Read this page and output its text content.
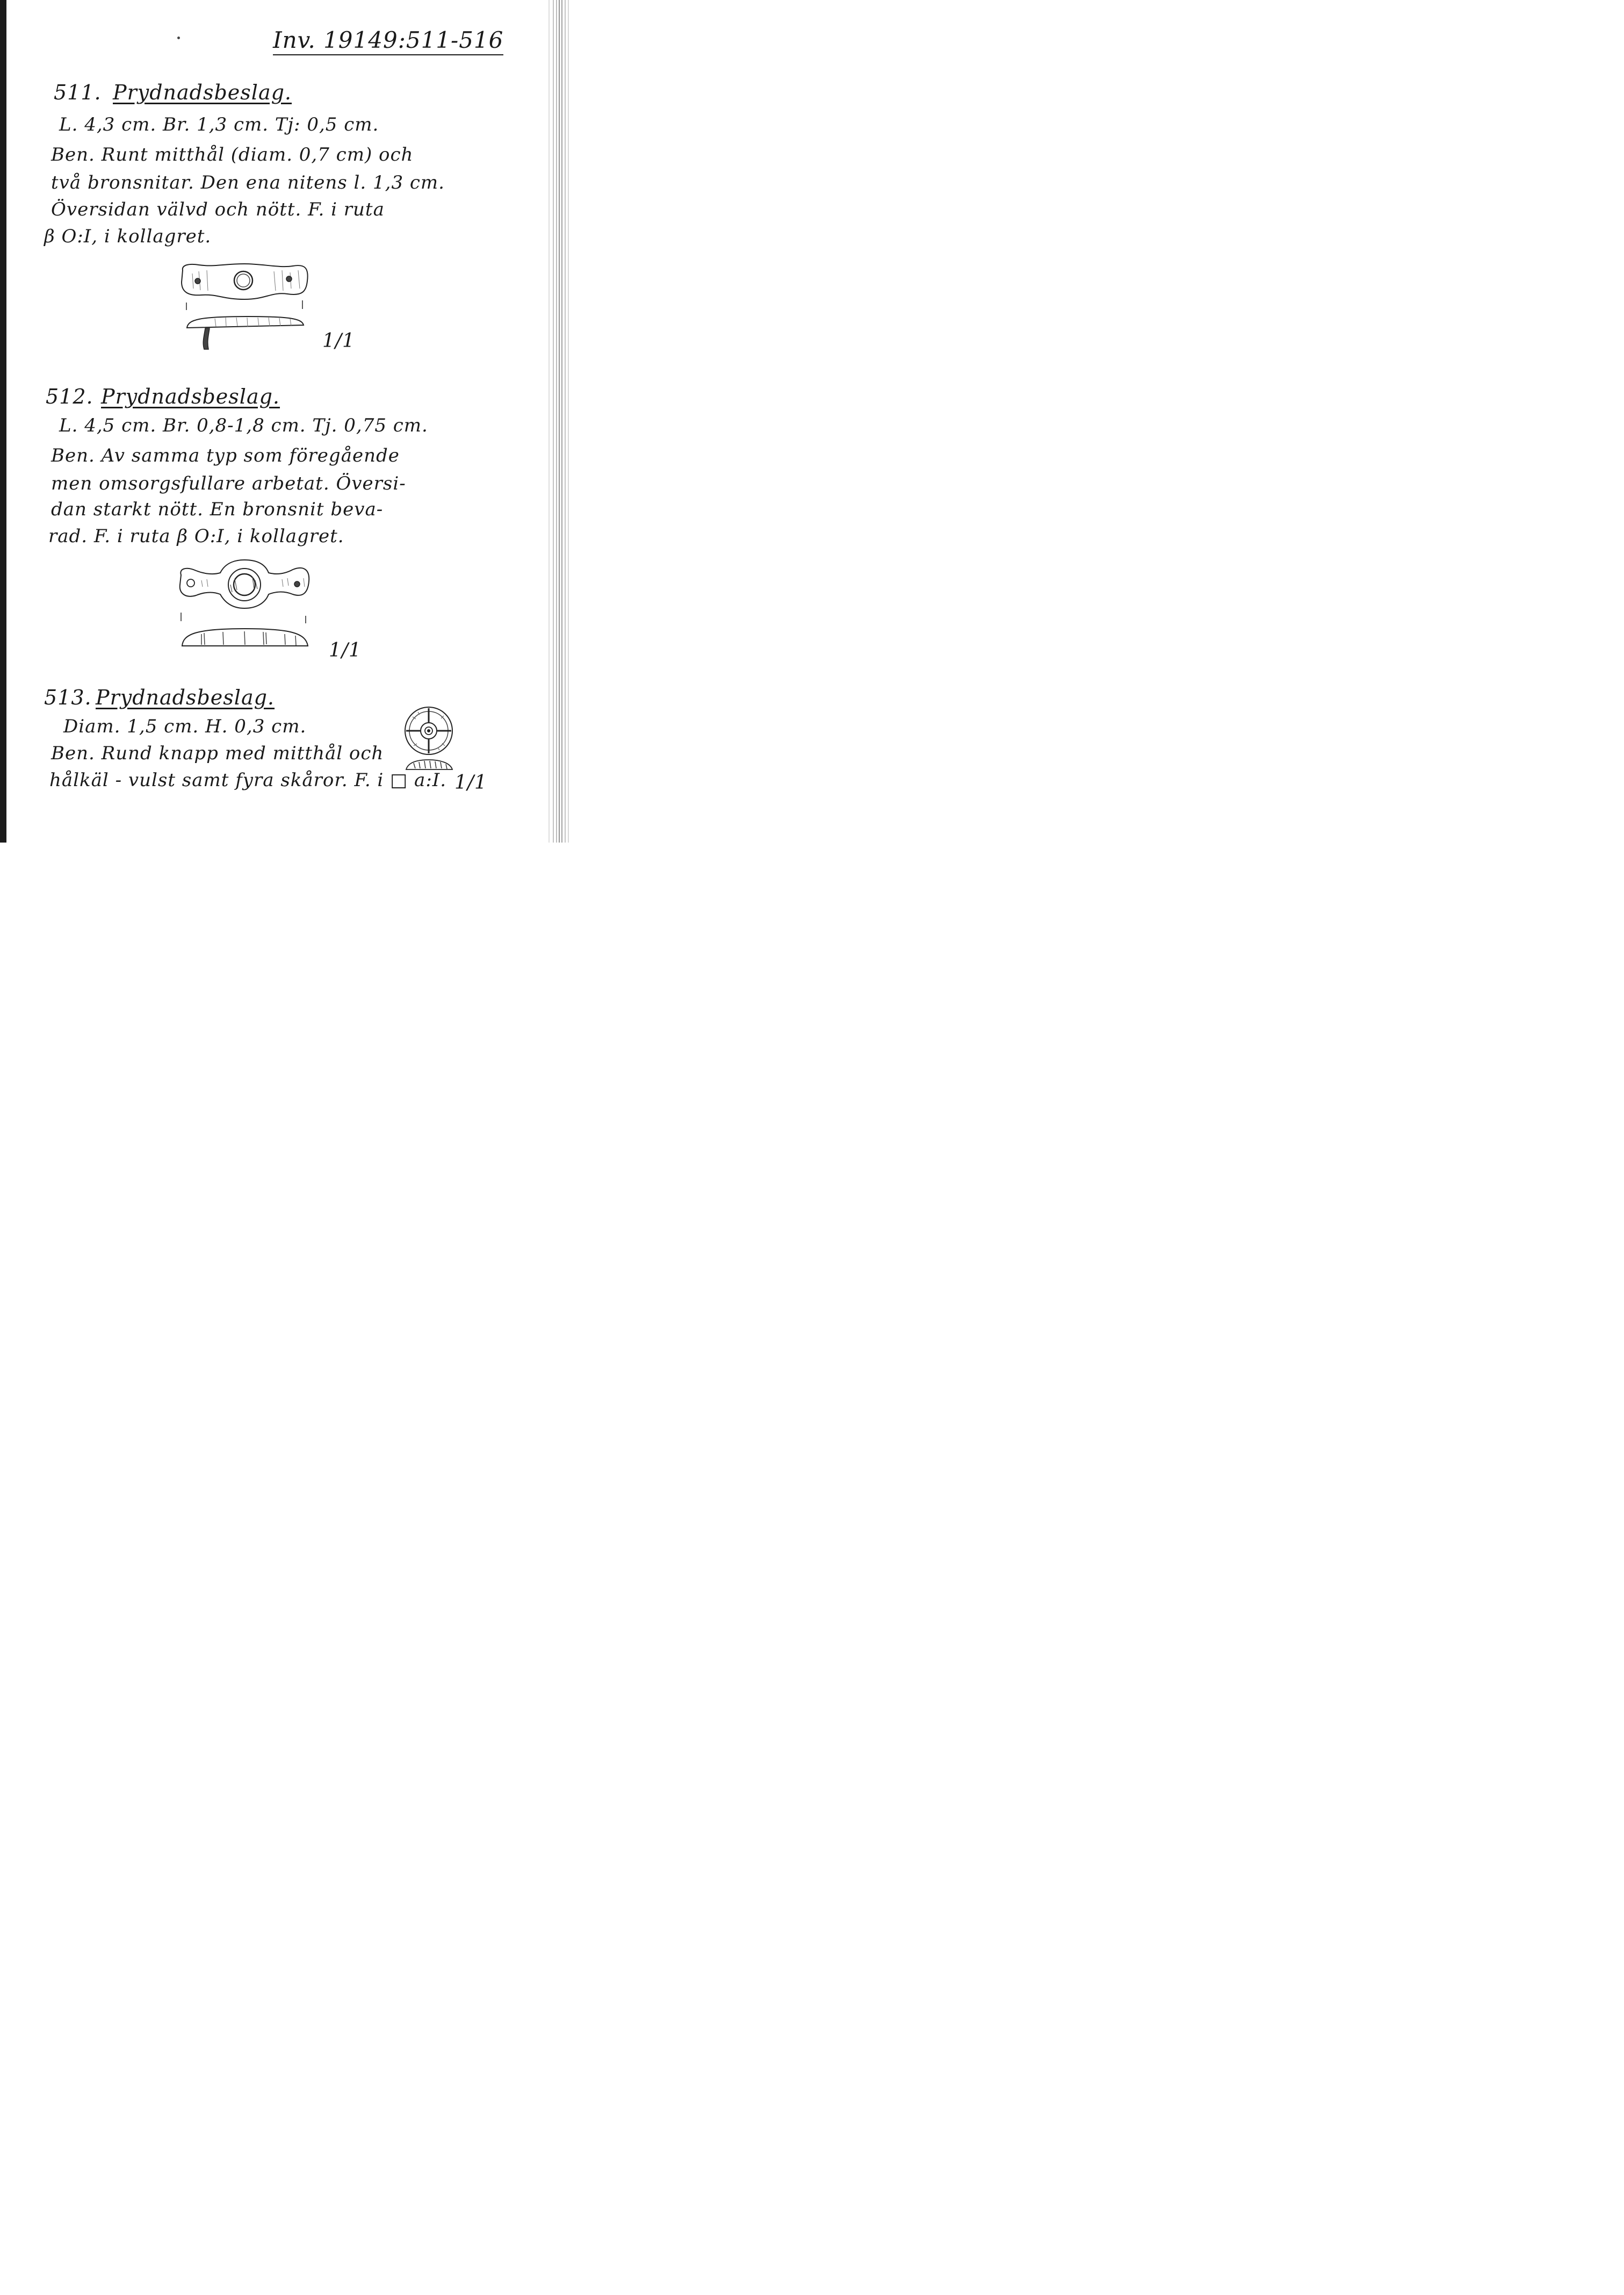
Inv. 19149:511-516
511. Prydnadsbeslag.
L. 4,3 cm. Br. 1,3 cm. Tj: 0,5 cm.
Ben. Runt mitthål (diam. 0,7 cm) och
två bronsnitar. Den ena nitens l. 1,3 cm.
Översidan välvd och nött. F. i ruta
β O:I, i kollagret.
1/1
512. Prydnadsbeslag.
L. 4,5 cm. Br. 0,8-1,8 cm. Tj. 0,75 cm.
Ben. Av samma typ som föregående
men omsorgsfullare arbetat. Översi-
dan starkt nött. En bronsnit beva-
rad. F. i ruta β O:I, i kollagret.
1/1
513. Prydnadsbeslag.
Diam. 1,5 cm. H. 0,3 cm.
Ben. Rund knapp med mitthål och
hålkäl - vulst samt fyra skåror. F. i □ a:I. 1/1
